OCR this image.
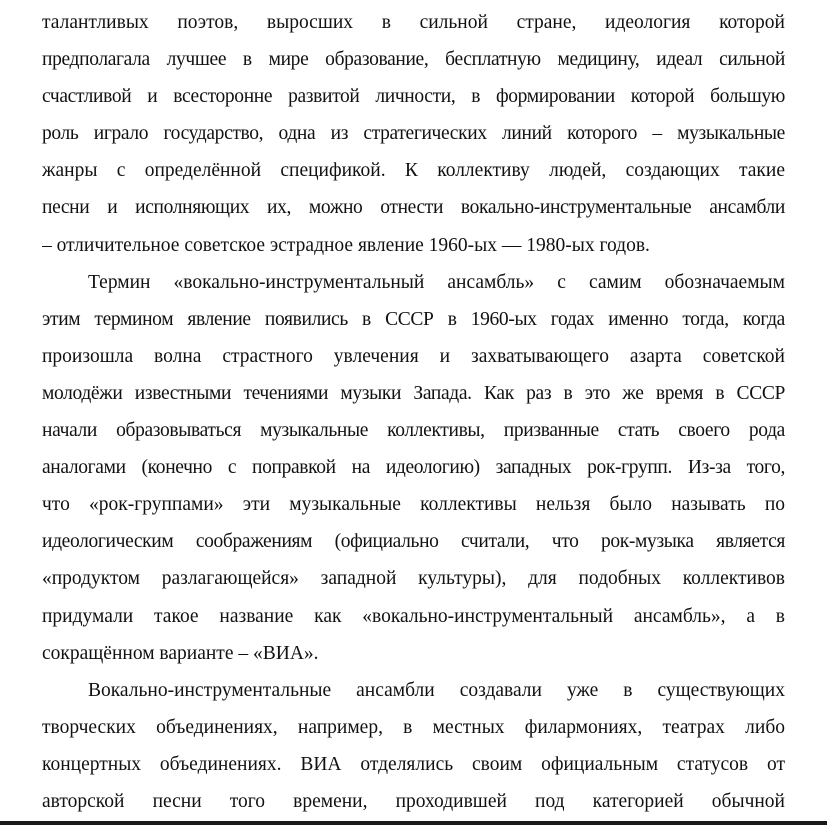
талантливых поэтов, выросших в сильной стране, идеология которой
предполагала лучшее в мире образование, бесплатную медицину, идеал сильной
счастливой и всесторонне развитой личности, в формировании которой большую
роль играло государство, одна из стратегических линий которого – музыкальные
жанры с определённой спецификой. К коллективу людей, создающих такие
песни и исполняющих их, можно отнести вокально-инструментальные ансамбли
– отличительное советское эстрадное явление 1960-ых — 1980-ых годов.
Термин «вокально-инструментальный ансамбль» с самим обозначаемым
этим термином явление появились в СССР в 1960-ых годах именно тогда, когда
произошла волна страстного увлечения и захватывающего азарта советской
молодёжи известными течениями музыки Запада. Как раз в это же время в СССР
начали образовываться музыкальные коллективы, призванные стать своего рода
аналогами (конечно с поправкой на идеологию) западных рок-групп. Из-за того,
что «рок-группами» эти музыкальные коллективы нельзя было называть по
идеологическим соображениям (официально считали, что рок-музыка является
«продуктом разлагающейся» западной культуры), для подобных коллективов
придумали такое название как «вокально-инструментальный ансамбль», а в
сокращённом варианте – «ВИА».
Вокально-инструментальные ансамбли создавали уже в существующих
творческих объединениях, например, в местных филармониях, театрах либо
концертных объединениях. ВИА отделялись своим официальным статусов от
авторской песни того времени, проходившей под категорией обычной
